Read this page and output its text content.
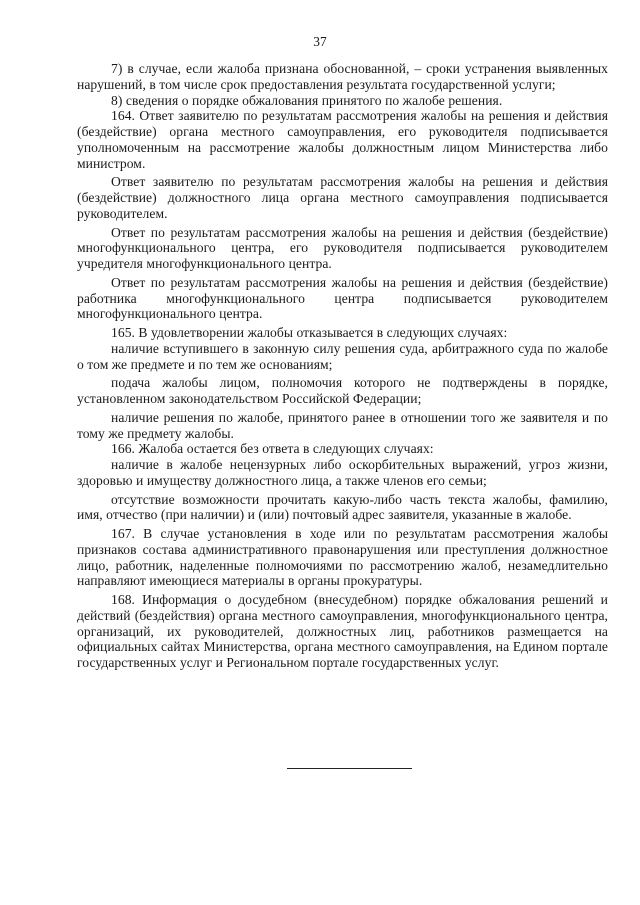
37

7) в случае, если жалоба признана обоснованной, – сроки устранения выявленных нарушений, в том числе срок предоставления результата государственной услуги;

8) сведения о порядке обжалования принятого по жалобе решения.

164. Ответ заявителю по результатам рассмотрения жалобы на решения и действия (бездействие) органа местного самоуправления, его руководителя подписывается уполномоченным на рассмотрение жалобы должностным лицом Министерства либо министром.

Ответ заявителю по результатам рассмотрения жалобы на решения и действия (бездействие) должностного лица органа местного самоуправления подписывается руководителем.

Ответ по результатам рассмотрения жалобы на решения и действия (бездействие) многофункционального центра, его руководителя подписывается руководителем учредителя многофункционального центра.

Ответ по результатам рассмотрения жалобы на решения и действия (бездействие) работника многофункционального центра подписывается руководителем многофункционального центра.

165. В удовлетворении жалобы отказывается в следующих случаях:

наличие вступившего в законную силу решения суда, арбитражного суда по жалобе о том же предмете и по тем же основаниям;

подача жалобы лицом, полномочия которого не подтверждены в порядке, установленном законодательством Российской Федерации;

наличие решения по жалобе, принятого ранее в отношении того же заявителя и по тому же предмету жалобы.

166. Жалоба остается без ответа в следующих случаях:

наличие в жалобе нецензурных либо оскорбительных выражений, угроз жизни, здоровью и имуществу должностного лица, а также членов его семьи;

отсутствие возможности прочитать какую-либо часть текста жалобы, фамилию, имя, отчество (при наличии) и (или) почтовый адрес заявителя, указанные в жалобе.

167. В случае установления в ходе или по результатам рассмотрения жалобы признаков состава административного правонарушения или преступления должностное лицо, работник, наделенные полномочиями по рассмотрению жалоб, незамедлительно направляют имеющиеся материалы в органы прокуратуры.

168. Информация о досудебном (внесудебном) порядке обжалования решений и действий (бездействия) органа местного самоуправления, многофункционального центра, организаций, их руководителей, должностных лиц, работников размещается на официальных сайтах Министерства, органа местного самоуправления, на Едином портале государственных услуг и Региональном портале государственных услуг.
